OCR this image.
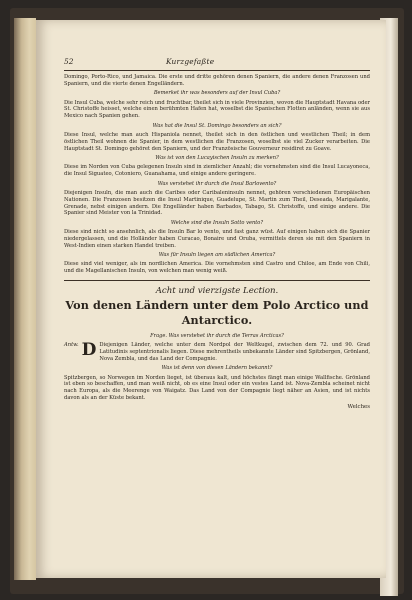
52	Kurzgefaßte
Domingo, Porto-Rico, und Jamaica. Die erste und dritte gehören denen Spaniern, die andere denen Franzosen und Spaniern, und die vierte denen Engelländern.
Bemerket ihr was besonders auf der Insul Cuba?
Die Insul Cuba, welche sehr reich und fruchtbar, theilet sich in viele Provinzien, wovon die Hauptstadt Havana oder St. Christoffe heisset, welche einen berühmten Hafen hat, woselbst die Spanischen Flotten anländen, wenn sie aus Mexico nach Spanien gehen.
Was hat die Insul St. Domingo besonders an sich?
Diese Insul, welche man auch Hispaniola nennet, theilet sich in den östlichen und westlichen Theil; in dem östlichen Theil wohnen die Spanier, in dem westlichen die Franzosen, woselbst sie viel Zucker verarbeiten. Die Hauptstadt St. Domingo gehöret den Spaniern, und der Französische Gouverneur residiret zu Goave.
Was ist von den Lucayischen Insuln zu merken?
Diese im Norden von Cuba gelegenen Insuln sind in ziemlicher Anzahl; die vornehmsten sind die Insul Lucayoneca, die Insul Siguateo, Cotoniero, Guanahama, und einige andere geringere.
Was verstehet ihr durch die Insul Barlovento?
Diejenigen Insuln, die man auch die Caribes oder Caribaleninsuln nennet, gehören verschiedenen Europäischen Nationen. Die Franzosen besitzen die Insul Martinique, Guadelupe, St. Martin zum Theil, Deseada, Marigalante, Grenade, nebst einigen andern. Die Engelländer haben Barbados, Tabago, St. Christoffe, und einige andere. Die Spanier sind Meister von la Trinidad.
Welche sind die Insuln Sotto vento?
Diese sind nicht so ansehnlich, als die Insuln Bar lo vento, und fast ganz wüst. Auf einigen haben sich die Spanier niedergelassen, und die Holländer haben Curacao, Bonaire und Oruba, vermittels deren sie mit den Spaniern in West-Indien einen starken Handel treiben.
Was für Insuln liegen am südlichen America?
Diese sind viel weniger, als im nordlichen America. Die vornehmsten sind Castro und Chiloe, am Ende von Chili, und die Magellanischen Insuln, von welchen man wenig weiß.
Acht und vierzigste Lection.
Von denen Ländern unter dem Polo Arctico und Antarctico.
Frage. Was verstehet ihr durch die Terras Arcticas?
Antw. D Diejenigen Länder, welche unter dem Nordpol der Weltkugel, zwischen dem 72. und 90. Grad Latitudinis septentrionalis liegen. Diese mehrentheils unbekannte Länder sind Spitzbergen, Grönland, Nova Zembla, und das Land der Compagnie.
Was ist denn von diesen Ländern bekannt?
Spitzbergen, so Norwegen im Norden lieget, ist überaus kalt, und höchstes fängt man einige Wallfische. Grönland ist eben so beschaffen, und man weiß nicht, ob es eine Insul oder ein vestes Land ist. Nova-Zembla scheinet nicht nach Europa, als die Meerenge von Waigatz. Das Land von der Compagnie liegt näher an Asien, und ist nichts davon als an der Küste bekant.
Welches
